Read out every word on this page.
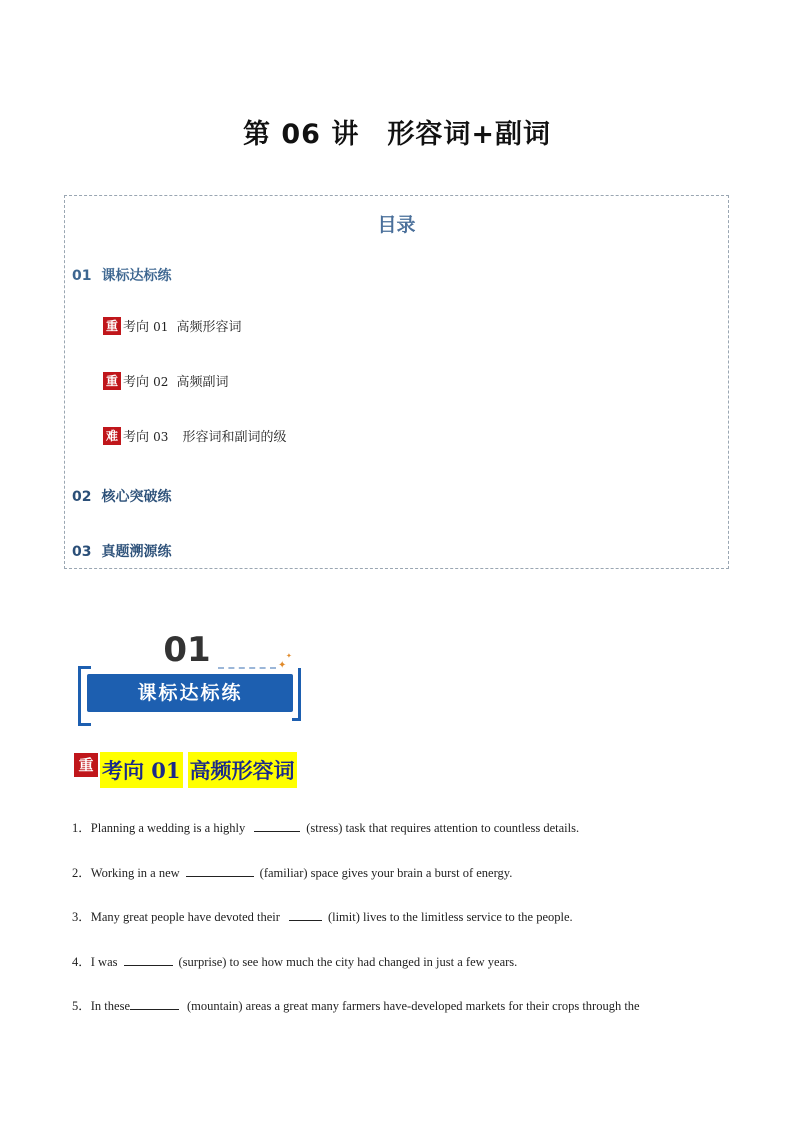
第 06 讲　形容词+副词
目录
01 课标达标练
重 考向 01 高频形容词
重 考向 02 高频副词
难 考向 03 形容词和副词的级
02 核心突破练
03 真题溯源练
01	✦
✦
课标达标练
重 考向 01 高频形容词
1．Planning a wedding is a highly	(stress) task that requires attention to countless details.
2．Working in a new	(familiar) space gives your brain a burst of energy.
3．Many great people have devoted their	(limit) lives to the limitless service to the people.
4．I was	(surprise) to see how much the city had changed in just a few years.
5．In these	(mountain) areas a great many farmers have-developed markets for their crops through the
